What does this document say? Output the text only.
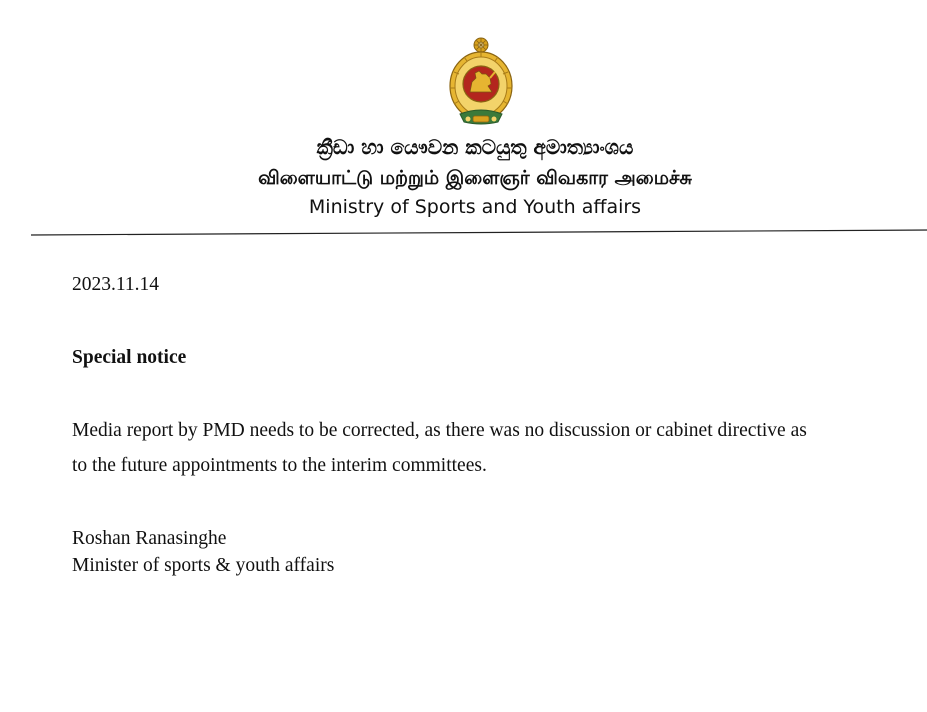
ක්‍රීඩා හා යෞවන කටයුතු අමාත්‍යාංශය
விளையாட்டு மற்றும் இளைஞர் விவகார அமைச்சு
Ministry of Sports and Youth affairs
2023.11.14
Special notice
Media report by PMD needs to be corrected, as there was no discussion or cabinet directive as
to the future appointments to the interim committees.
Roshan Ranasinghe
Minister of sports & youth affairs
